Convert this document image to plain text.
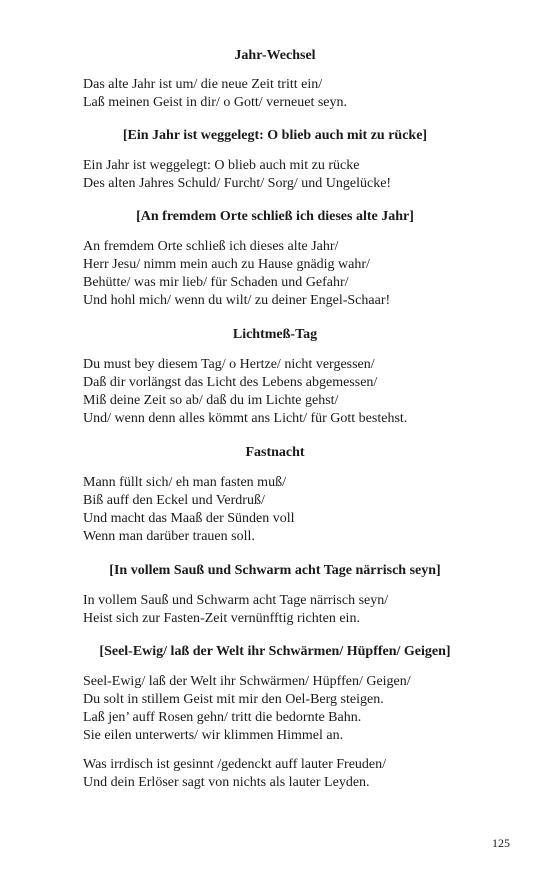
Jahr-Wechsel
Das alte Jahr ist um/ die neue Zeit tritt ein/
Laß meinen Geist in dir/ o Gott/ verneuet seyn.
[Ein Jahr ist weggelegt: O blieb auch mit zu rücke]
Ein Jahr ist weggelegt: O blieb auch mit zu rücke
Des alten Jahres Schuld/ Furcht/ Sorg/ und Ungelücke!
[An fremdem Orte schließ ich dieses alte Jahr]
An fremdem Orte schließ ich dieses alte Jahr/
Herr Jesu/ nimm mein auch zu Hause gnädig wahr/
Behütte/ was mir lieb/ für Schaden und Gefahr/
Und hohl mich/ wenn du wilt/ zu deiner Engel-Schaar!
Lichtmeß-Tag
Du must bey diesem Tag/ o Hertze/ nicht vergessen/
Daß dir vorlängst das Licht des Lebens abgemessen/
Miß deine Zeit so ab/ daß du im Lichte gehst/
Und/ wenn denn alles kömmt ans Licht/ für Gott bestehst.
Fastnacht
Mann füllt sich/ eh man fasten muß/
Biß auff den Eckel und Verdruß/
Und macht das Maaß der Sünden voll
Wenn man darüber trauen soll.
[In vollem Sauß und Schwarm acht Tage närrisch seyn]
In vollem Sauß und Schwarm acht Tage närrisch seyn/
Heist sich zur Fasten-Zeit vernünfftig richten ein.
[Seel-Ewig/ laß der Welt ihr Schwärmen/ Hüpffen/ Geigen]
Seel-Ewig/ laß der Welt ihr Schwärmen/ Hüpffen/ Geigen/
Du solt in stillem Geist mit mir den Oel-Berg steigen.
Laß jen’ auff Rosen gehn/ tritt die bedornte Bahn.
Sie eilen unterwerts/ wir klimmen Himmel an.
Was irrdisch ist gesinnt /gedenckt auff lauter Freuden/
Und dein Erlöser sagt von nichts als lauter Leyden.
125
